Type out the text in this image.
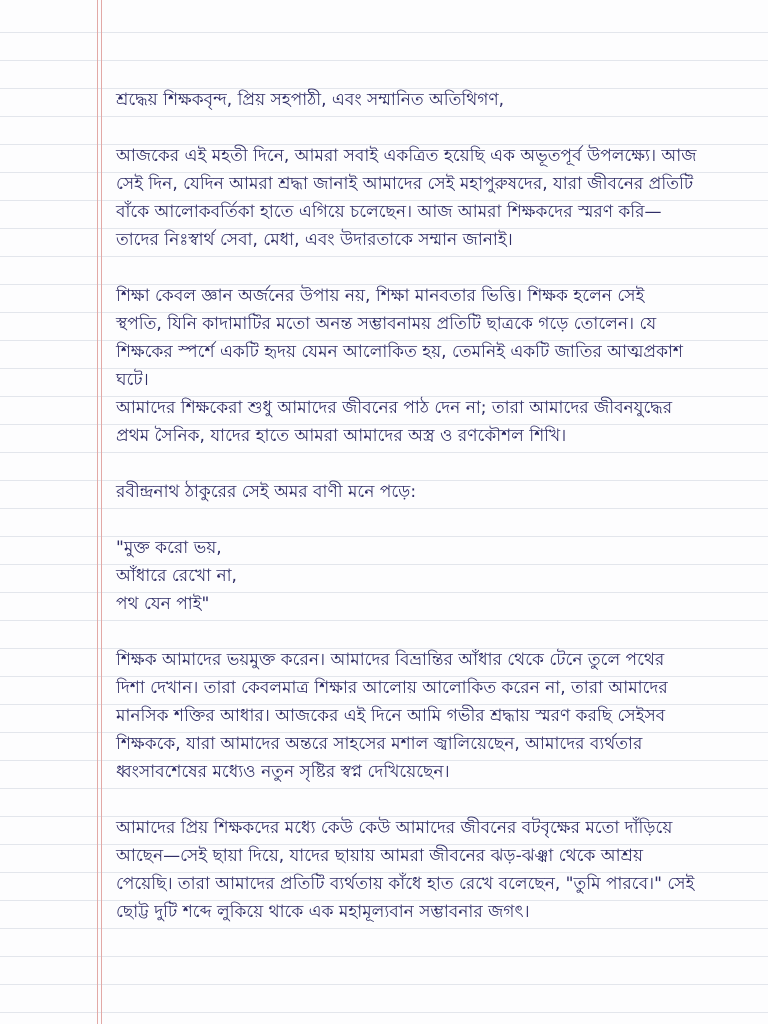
শ্রদ্ধেয় শিক্ষকবৃন্দ, প্রিয় সহপাঠী, এবং সম্মানিত অতিথিগণ,

আজকের এই মহতী দিনে, আমরা সবাই একত্রিত হয়েছি এক অভূতপূর্ব উপলক্ষ্যে। আজ
সেই দিন, যেদিন আমরা শ্রদ্ধা জানাই আমাদের সেই মহাপুরুষদের, যারা জীবনের প্রতিটি
বাঁকে আলোকবর্তিকা হাতে এগিয়ে চলেছেন। আজ আমরা শিক্ষকদের স্মরণ করি—
তাদের নিঃস্বার্থ সেবা, মেধা, এবং উদারতাকে সম্মান জানাই।

শিক্ষা কেবল জ্ঞান অর্জনের উপায় নয়, শিক্ষা মানবতার ভিত্তি। শিক্ষক হলেন সেই
স্থপতি, যিনি কাদামাটির মতো অনন্ত সম্ভাবনাময় প্রতিটি ছাত্রকে গড়ে তোলেন। যে
শিক্ষকের স্পর্শে একটি হৃদয় যেমন আলোকিত হয়, তেমনিই একটি জাতির আত্মপ্রকাশ
ঘটে।

আমাদের শিক্ষকেরা শুধু আমাদের জীবনের পাঠ দেন না; তারা আমাদের জীবনযুদ্ধের
প্রথম সৈনিক, যাদের হাতে আমরা আমাদের অস্ত্র ও রণকৌশল শিখি।

রবীন্দ্রনাথ ঠাকুরের সেই অমর বাণী মনে পড়ে:

"মুক্ত করো ভয়,
আঁধারে রেখো না,
পথ যেন পাই"

শিক্ষক আমাদের ভয়মুক্ত করেন। আমাদের বিভ্রান্তির আঁধার থেকে টেনে তুলে পথের
দিশা দেখান। তারা কেবলমাত্র শিক্ষার আলোয় আলোকিত করেন না, তারা আমাদের
মানসিক শক্তির আধার। আজকের এই দিনে আমি গভীর শ্রদ্ধায় স্মরণ করছি সেইসব
শিক্ষককে, যারা আমাদের অন্তরে সাহসের মশাল জ্বালিয়েছেন, আমাদের ব্যর্থতার
ধ্বংসাবশেষের মধ্যেও নতুন সৃষ্টির স্বপ্ন দেখিয়েছেন।

আমাদের প্রিয় শিক্ষকদের মধ্যে কেউ কেউ আমাদের জীবনের বটবৃক্ষের মতো দাঁড়িয়ে
আছেন—সেই ছায়া দিয়ে, যাদের ছায়ায় আমরা জীবনের ঝড়-ঝঞ্ঝা থেকে আশ্রয়
পেয়েছি। তারা আমাদের প্রতিটি ব্যর্থতায় কাঁধে হাত রেখে বলেছেন, "তুমি পারবে।" সেই
ছোট্ট দুটি শব্দে লুকিয়ে থাকে এক মহামূল্যবান সম্ভাবনার জগৎ।
